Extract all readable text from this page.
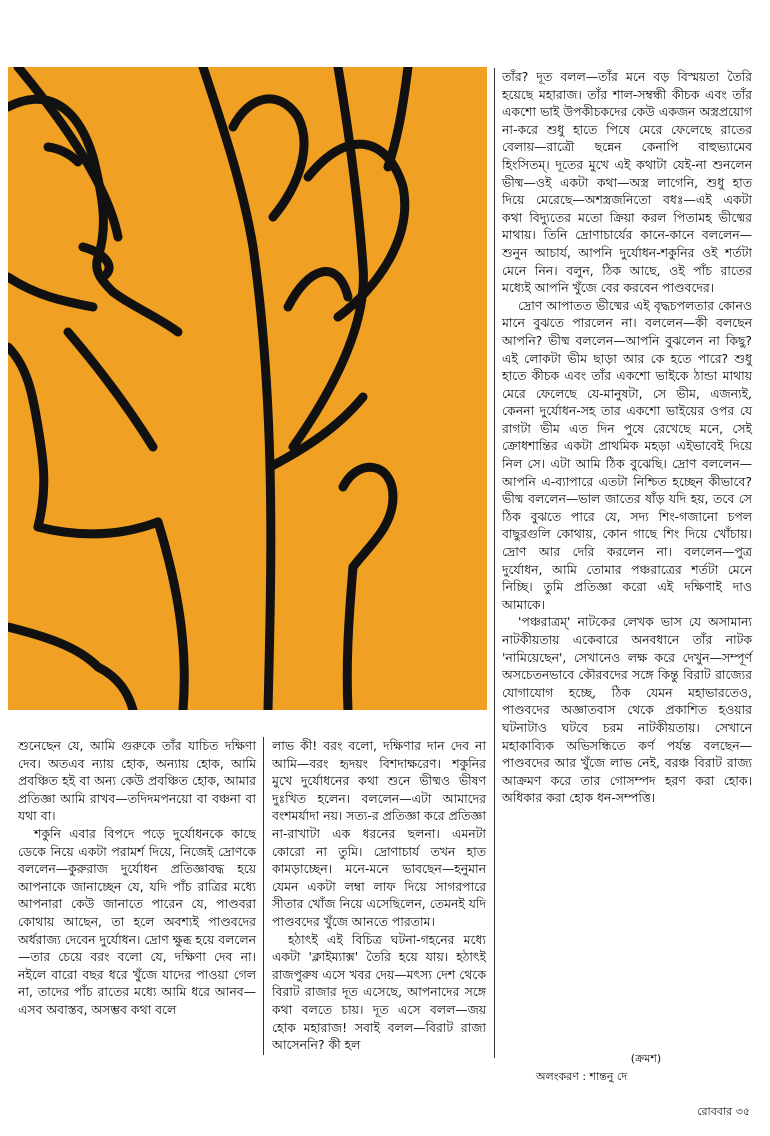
তাঁর? দূত বলল—তাঁর মনে বড় বিস্ময়তা তৈরি হয়েছে মহারাজ। তাঁর শাল-সম্বন্ধী কীচক এবং তাঁর একশো ভাই উপকীচকদের কেউ একজন অস্ত্রপ্রয়োগ না-করে শুধু হাতে পিষে মেরে ফেলেছে রাতের বেলায়—রাত্রৌ ছন্নেন কেনাপি বাহুভ্যামেব হিংসিতম্। দূতের মুখে এই কথাটা যেই-না শুনলেন ভীষ্ম—ওই একটা কথা—অস্ত্র লাগেনি, শুধু হাত দিয়ে মেরেছে—অশস্ত্রজনিতো বধঃ—এই একটা কথা বিদ্যুতের মতো ক্রিয়া করল পিতামহ ভীষ্মের মাথায়। তিনি দ্রোণাচার্যের কানে-কানে বললেন—শুনুন আচার্য, আপনি দুর্যোধন-শকুনির ওই শর্তটা মেনে নিন। বলুন, ঠিক আছে, ওই পাঁচ রাতের মধ্যেই আপনি খুঁজে বের করবেন পাণ্ডবদের।

দ্রোণ আপাতত ভীষ্মের এই বৃদ্ধচপলতার কোনও মানে বুঝতে পারলেন না। বললেন—কী বলছেন আপনি? ভীষ্ম বললেন—আপনি বুঝলেন না কিছু? এই লোকটা ভীম ছাড়া আর কে হতে পারে? শুধু হাতে কীচক এবং তাঁর একশো ভাইকে ঠান্ডা মাথায় মেরে ফেলেছে যে-মানুষটা, সে ভীম, এজন্যই, কেননা দুর্যোধন-সহ তার একশো ভাইয়ের ওপর যে রাগটা ভীম এত দিন পুষে রেখেছে মনে, সেই ক্রোধশান্তির একটা প্রাথমিক মহড়া এইভাবেই দিয়ে নিল সে। এটা আমি ঠিক বুঝেছি। দ্রোণ বললেন—আপনি এ-ব্যাপারে এতটা নিশ্চিত হচ্ছেন কীভাবে? ভীষ্ম বললেন—ভাল জাতের ষাঁড় যদি হয়, তবে সে ঠিক বুঝতে পারে যে, সদ্য শিং-গজানো চপল বাছুরগুলি কোথায়, কোন গাছে শিং দিয়ে খোঁচায়। দ্রোণ আর দেরি করলেন না। বললেন—পুত্র দুর্যোধন, আমি তোমার পঞ্চরাত্রের শর্তটা মেনে নিচ্ছি। তুমি প্রতিজ্ঞা করো এই দক্ষিণাই দাও আমাকে।

'পঞ্চরাত্রম্' নাটকের লেখক ভাস যে অসামান্য নাটকীয়তায় একেবারে অনবধানে তাঁর নাটক 'নামিয়েছেন', সেখানেও লক্ষ করে দেখুন—সম্পূর্ণ অসচেতনভাবে কৌরবদের সঙ্গে কিন্তু বিরাট রাজ্যের যোগাযোগ হচ্ছে, ঠিক যেমন মহাভারতেও, পাণ্ডবদের অজ্ঞাতবাস থেকে প্রকাশিত হওয়ার ঘটনাটাও ঘটবে চরম নাটকীয়তায়। সেখানে মহাকাব্যিক অভিসন্ধিতে কর্ণ পর্যন্ত বলছেন—পাণ্ডবদের আর খুঁজে লাভ নেই, বরঞ্চ বিরাট রাজ্য আক্রমণ করে তার গোসম্পদ হরণ করা হোক। অধিকার করা হোক ধন-সম্পত্তি।

শুনেছেন যে, আমি গুরুকে তাঁর যাচিত দক্ষিণা দেব। অতএব ন্যায় হোক, অন্যায় হোক, আমি প্রবঞ্চিত হই বা অন্য কেউ প্রবঞ্চিত হোক, আমার প্রতিজ্ঞা আমি রাখব—তদিদমপনয়ো বা বঞ্চনা বা যথা বা।

শকুনি এবার বিপদে পড়ে দুর্যোধনকে কাছে ডেকে নিয়ে একটা পরামর্শ দিয়ে, নিজেই দ্রোণকে বললেন—কুরুরাজ দুর্যোধন প্রতিজ্ঞাবদ্ধ হয়ে আপনাকে জানাচ্ছেন যে, যদি পাঁচ রাত্রির মধ্যে আপনারা কেউ জানাতে পারেন যে, পাণ্ডবরা কোথায় আছেন, তা হলে অবশ্যই পাণ্ডবদের অর্ধরাজ্য দেবেন দুর্যোধন। দ্রোণ ক্ষুব্ধ হয়ে বললেন—তার চেয়ে বরং বলো যে, দক্ষিণা দেব না। নইলে বারো বছর ধরে খুঁজে যাদের পাওয়া গেল না, তাদের পাঁচ রাতের মধ্যে আমি ধরে আনব—এসব অবাস্তব, অসম্ভব কথা বলে

লাভ কী! বরং বলো, দক্ষিণার দান দেব না আমি—বরং হৃদয়ং বিশদাক্ষরেণ। শকুনির মুখে দুর্যোধনের কথা শুনে ভীষ্মও ভীষণ দুঃখিত হলেন। বললেন—এটা আমাদের বংশমর্যাদা নয়। সত্য-র প্রতিজ্ঞা করে প্রতিজ্ঞা না-রাখাটা এক ধরনের ছলনা। এমনটা কোরো না তুমি। দ্রোণাচার্য তখন হাত কামড়াচ্ছেন। মনে-মনে ভাবছেন—হনুমান যেমন একটা লম্বা লাফ দিয়ে সাগরপারে সীতার খোঁজ নিয়ে এসেছিলেন, তেমনই যদি পাণ্ডবদের খুঁজে আনতে পারতাম।

হঠাৎই এই বিচিত্র ঘটনা-গহনের মধ্যে একটা 'ক্লাইম্যাক্স' তৈরি হয়ে যায়। হঠাৎই রাজপুরুষ এসে খবর দেয়—মৎস্য দেশ থেকে বিরাট রাজার দূত এসেছে, আপনাদের সঙ্গে কথা বলতে চায়। দূত এসে বলল—জয় হোক মহারাজ! সবাই বলল—বিরাট রাজা আসেননি? কী হল

(ক্রমশ)
অলংকরণ : শান্তনু দে
রোববার ৩৫
